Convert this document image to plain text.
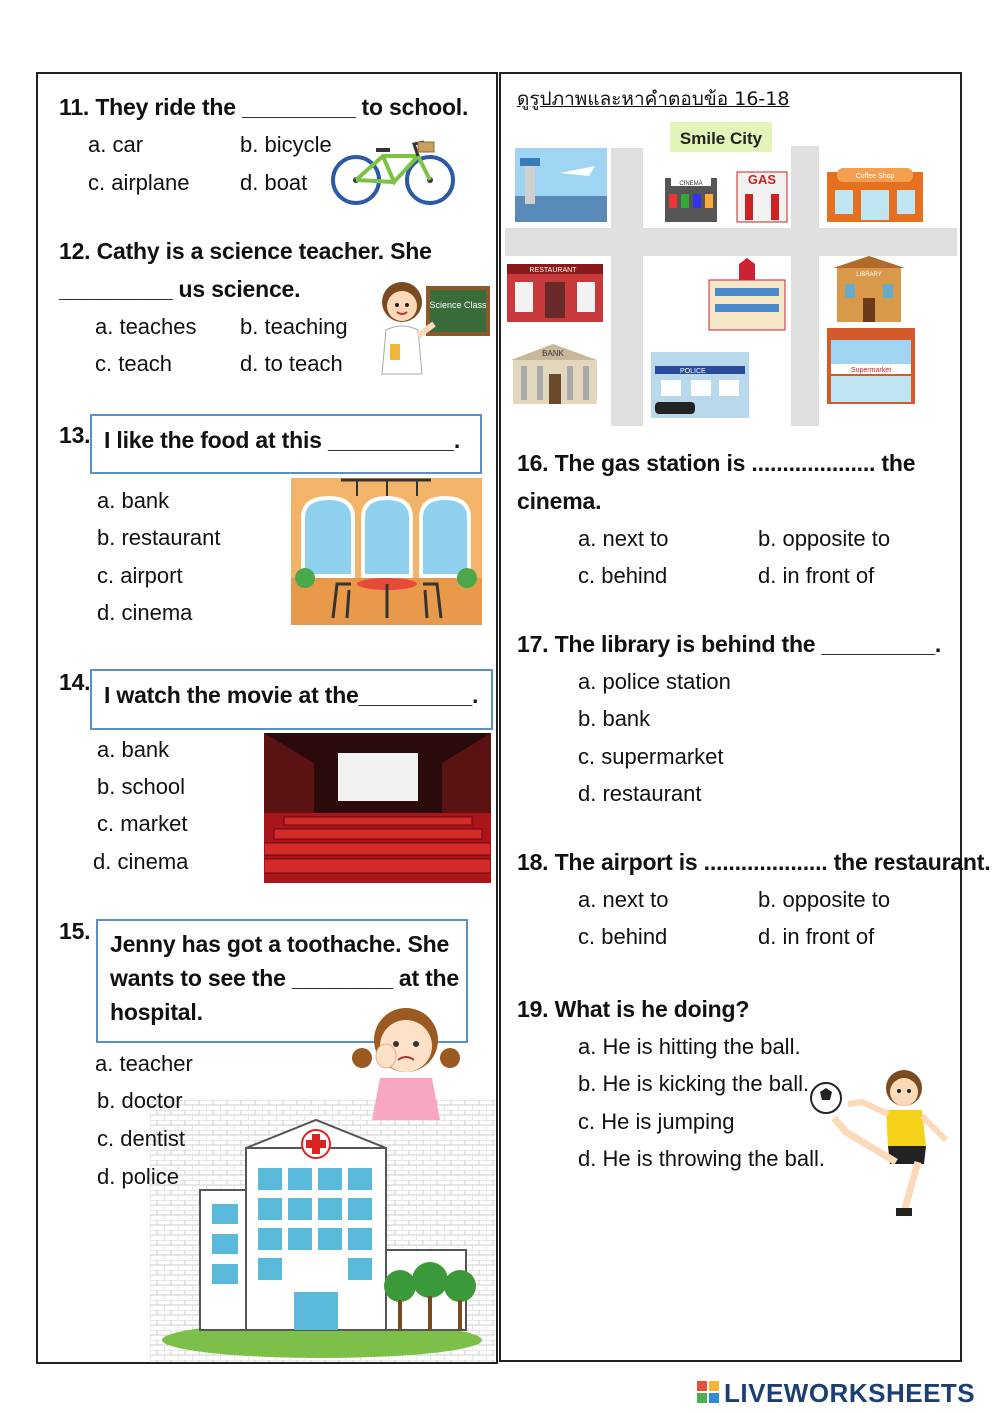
11. They ride the _________ to school.
a. car	b. bicycle
c. airplane d. boat
12. Cathy is a science teacher. She
_________ us science.
a. teaches b. teaching
c. teach	d. to teach
Science Class
13. I like the food at this __________.
a. bank
b. restaurant
c. airport
d. cinema
14. I watch the movie at the_________.
a. bank
b. school
c. market
d. cinema
15. Jenny has got a toothache. She
wants to see the ________ at the
hospital.
a. teacher
b. doctor
c. dentist
d. police
ดูรูปภาพและหาคำตอบข้อ 16-18
Smile City
CINEMA	GAS	Coffee Shop
RESTAURANT
LIBRARY
Supermarket
BANK
POLICE
16. The gas station is .................... the
cinema.
a. next to	b. opposite to
c. behind	d. in front of
17. The library is behind the _________.
a. police station
b. bank
c. supermarket
d. restaurant
18. The airport is .................... the restaurant.
a. next to	b. opposite to
c. behind	d. in front of
19. What is he doing?
a. He is hitting the ball.
b. He is kicking the ball.
c. He is jumping
d. He is throwing the ball.
LIVEWORKSHEETS
